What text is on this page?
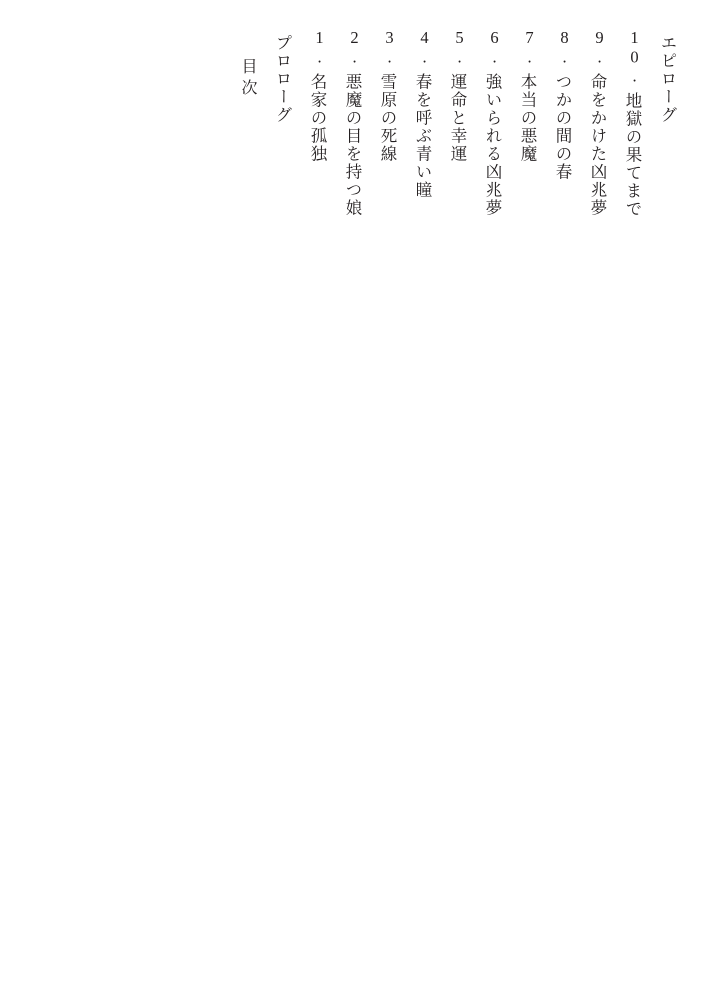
目次 プロローグ 1.
名家の孤独
2.
悪魔の目を持つ娘
3.
雪原の死線
4.
春を呼ぶ青い瞳
5.
運命と幸運
6.
強いられる凶兆夢
7.
本当の悪魔
8.
つかの間の春
9.
命をかけた凶兆夢
10.
地獄の果てまで
エピローグ
